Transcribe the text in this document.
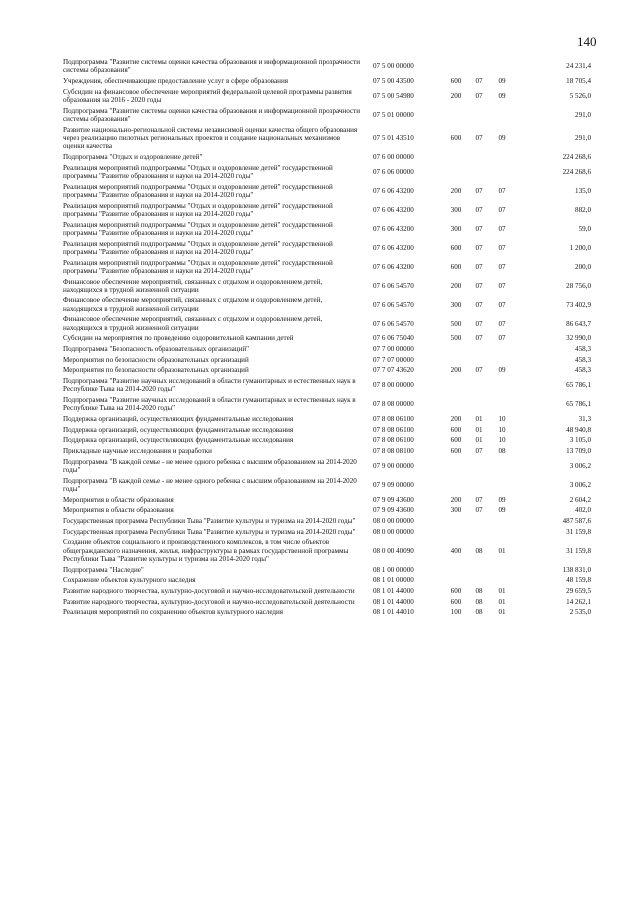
140
Подпрограмма "Развитие системы оценки качества образования и информационной прозрачности системы образования"	07 5 00 00000				24 231,4
Учреждения, обеспечивающие предоставление услуг в сфере образования	07 5 00 43500	600	07	09	18 705,4
Субсидии на финансовое обеспечение мероприятий федеральной целевой программы развития образования на 2016 - 2020 годы	07 5 00 54980	200	07	09	5 526,0
Подпрограмма "Развитие системы оценки качества образования и информационной прозрачности системы образования"	07 5 01 00000				291,0
Развитие национально-региональной системы независимой оценки качества общего образования через реализацию пилотных региональных проектов и создание национальных механизмов оценки качества	07 5 01 43510	600	07	09	291,0
Подпрограмма "Отдых и оздоровление детей"	07 6 00 00000				224 268,6
Реализация мероприятий подпрограммы "Отдых и оздоровление детей" государственной программы "Развитие образования и науки на 2014-2020 годы"	07 6 06 00000				224 268,6
Реализация мероприятий подпрограммы "Отдых и оздоровление детей" государственной программы "Развитие образования и науки на 2014-2020 годы"	07 6 06 43200	200	07	07	135,0
Реализация мероприятий подпрограммы "Отдых и оздоровление детей" государственной программы "Развитие образования и науки на 2014-2020 годы"	07 6 06 43200	300	07	07	882,0
Реализация мероприятий подпрограммы "Отдых и оздоровление детей" государственной программы "Развитие образования и науки на 2014-2020 годы"	07 6 06 43200	300	07	07	59,0
Реализация мероприятий подпрограммы "Отдых и оздоровление детей" государственной программы "Развитие образования и науки на 2014-2020 годы"	07 6 06 43200	600	07	07	1 200,0
Реализация мероприятий подпрограммы "Отдых и оздоровление детей" государственной программы "Развитие образования и науки на 2014-2020 годы"	07 6 06 43200	600	07	07	200,0
Финансовое обеспечение мероприятий, связанных с отдыхом и оздоровлением детей, находящихся в трудной жизненной ситуации	07 6 06 54570	200	07	07	28 756,0
Финансовое обеспечение мероприятий, связанных с отдыхом и оздоровлением детей, находящихся в трудной жизненной ситуации	07 6 06 54570	300	07	07	73 402,9
Финансовое обеспечение мероприятий, связанных с отдыхом и оздоровлением детей, находящихся в трудной жизненной ситуации	07 6 06 54570	500	07	07	86 643,7
Субсидии на мероприятия по проведению оздоровительной кампании детей	07 6 06 75040	500	07	07	32 990,0
Подпрограмма "Безопасность образовательных организаций"	07 7 00 00000				458,3
Мероприятия по безопасности образовательных организаций	07 7 07 00000				458,3
Мероприятия по безопасности образовательных организаций	07 7 07 43620	200	07	09	458,3
Подпрограмма "Развитие научных исследований в области гуманитарных и естественных наук в Республике Тыва на 2014-2020 годы"	07 8 00 00000				65 786,1
Подпрограмма "Развитие научных исследований в области гуманитарных и естественных наук в Республике Тыва на 2014-2020 годы"	07 8 08 00000				65 786,1
Поддержка организаций, осуществляющих фундаментальные исследования	07 8 08 06100	200	01	10	31,3
Поддержка организаций, осуществляющих фундаментальные исследования	07 8 08 06100	600	01	10	48 940,8
Поддержка организаций, осуществляющих фундаментальные исследования	07 8 08 06100	600	01	10	3 105,0
Прикладные научные исследования и разработки	07 8 08 08100	600	07	08	13 709,0
Подпрограмма "В каждой семье - не менее одного ребенка с высшим образованием на 2014-2020 годы"	07 9 00 00000				3 006,2
Подпрограмма "В каждой семье - не менее одного ребенка с высшим образованием на 2014-2020 годы"	07 9 09 00000				3 006,2
Мероприятия в области образования	07 9 09 43600	200	07	09	2 604,2
Мероприятия в области образования	07 9 09 43600	300	07	09	402,0
Государственная программа Республики Тыва "Развитие культуры и туризма на 2014-2020 годы"	08 0 00 00000				487 587,6
Государственная программа Республики Тыва "Развитие культуры и туризма на 2014-2020 годы"	08 0 00 00000				31 159,8
Создание объектов социального и производственного комплексов, в том числе объектов общегражданского назначения, жилья, инфраструктуры в рамках государственной программы Республики Тыва "Развитие культуры и туризма на 2014-2020 годы"	08 0 00 40090	400	08	01	31 159,8
Подпрограмма "Наследие"	08 1 00 00000				138 831,0
Сохранение объектов культурного наследия	08 1 01 00000				48 159,8
Развитие народного творчества, культурно-досуговой и научно-исследовательской деятельности	08 1 01 44000	600	08	01	29 659,5
Развитие народного творчества, культурно-досуговой и научно-исследовательской деятельности	08 1 01 44000	600	08	01	14 262,1
Реализация мероприятий по сохранению объектов культурного наследия	08 1 01 44010	100	08	01	2 535,0
